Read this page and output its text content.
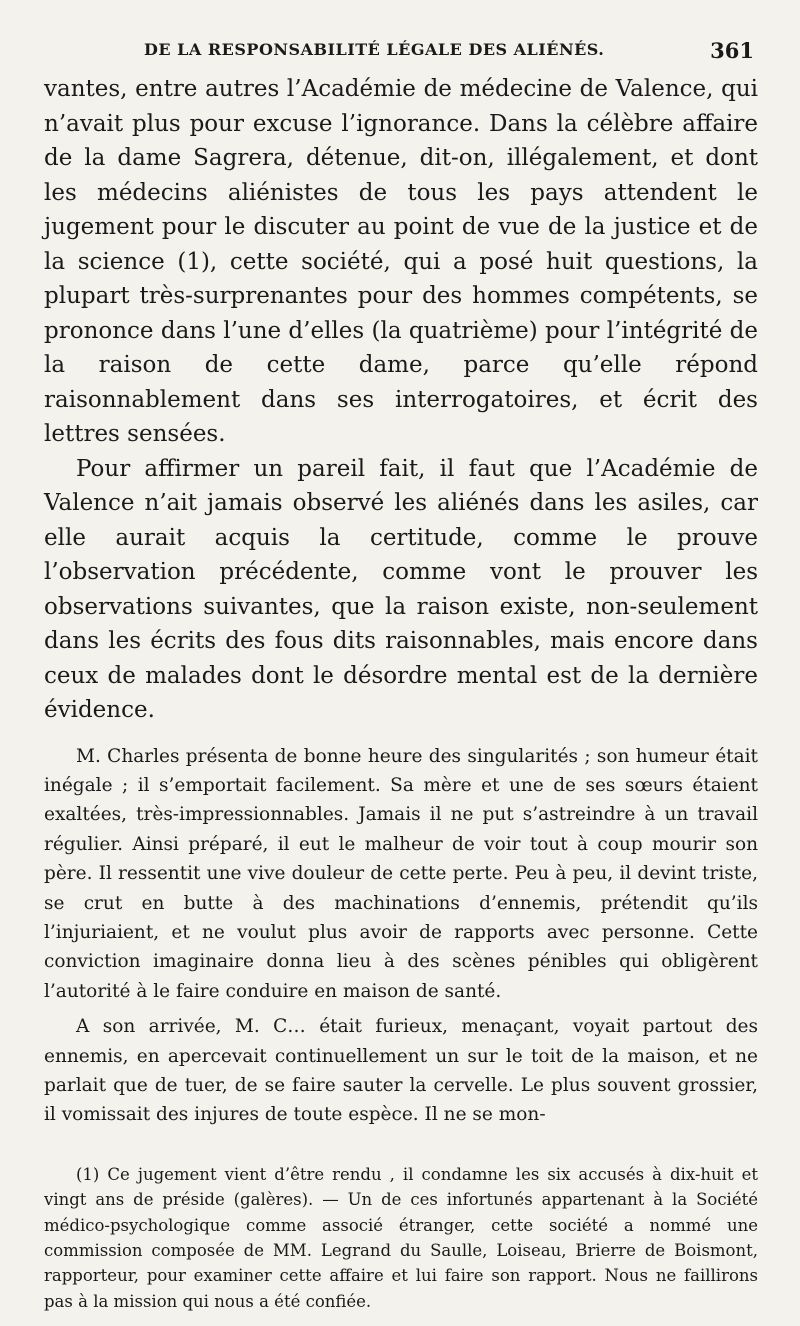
DE LA RESPONSABILITÉ LÉGALE DES ALIÉNÉS.	361

vantes, entre autres l’Académie de médecine de Valence, qui n’avait plus pour excuse l’ignorance. Dans la célèbre affaire de la dame Sagrera, détenue, dit-on, illégalement, et dont les médecins aliénistes de tous les pays attendent le jugement pour le discuter au point de vue de la justice et de la science (1), cette société, qui a posé huit questions, la plupart très-surprenantes pour des hommes compétents, se prononce dans l’une d’elles (la quatrième) pour l’intégrité de la raison de cette dame, parce qu’elle répond raisonnablement dans ses interrogatoires, et écrit des lettres sensées.

Pour affirmer un pareil fait, il faut que l’Académie de Valence n’ait jamais observé les aliénés dans les asiles, car elle aurait acquis la certitude, comme le prouve l’observation précédente, comme vont le prouver les observations suivantes, que la raison existe, non-seulement dans les écrits des fous dits raisonnables, mais encore dans ceux de malades dont le désordre mental est de la dernière évidence.

M. Charles présenta de bonne heure des singularités ; son humeur était inégale ; il s’emportait facilement. Sa mère et une de ses sœurs étaient exaltées, très-impressionnables. Jamais il ne put s’astreindre à un travail régulier. Ainsi préparé, il eut le malheur de voir tout à coup mourir son père. Il ressentit une vive douleur de cette perte. Peu à peu, il devint triste, se crut en butte à des machinations d’ennemis, prétendit qu’ils l’injuriaient, et ne voulut plus avoir de rapports avec personne. Cette conviction imaginaire donna lieu à des scènes pénibles qui obligèrent l’autorité à le faire conduire en maison de santé.

A son arrivée, M. C… était furieux, menaçant, voyait partout des ennemis, en apercevait continuellement un sur le toit de la maison, et ne parlait que de tuer, de se faire sauter la cervelle. Le plus souvent grossier, il vomissait des injures de toute espèce. Il ne se mon-

(1) Ce jugement vient d’être rendu , il condamne les six accusés à dix-huit et vingt ans de préside (galères). — Un de ces infortunés appartenant à la Société médico-psychologique comme associé étranger, cette société a nommé une commission composée de MM. Legrand du Saulle, Loiseau, Brierre de Boismont, rapporteur, pour examiner cette affaire et lui faire son rapport. Nous ne faillirons pas à la mission qui nous a été confiée.
